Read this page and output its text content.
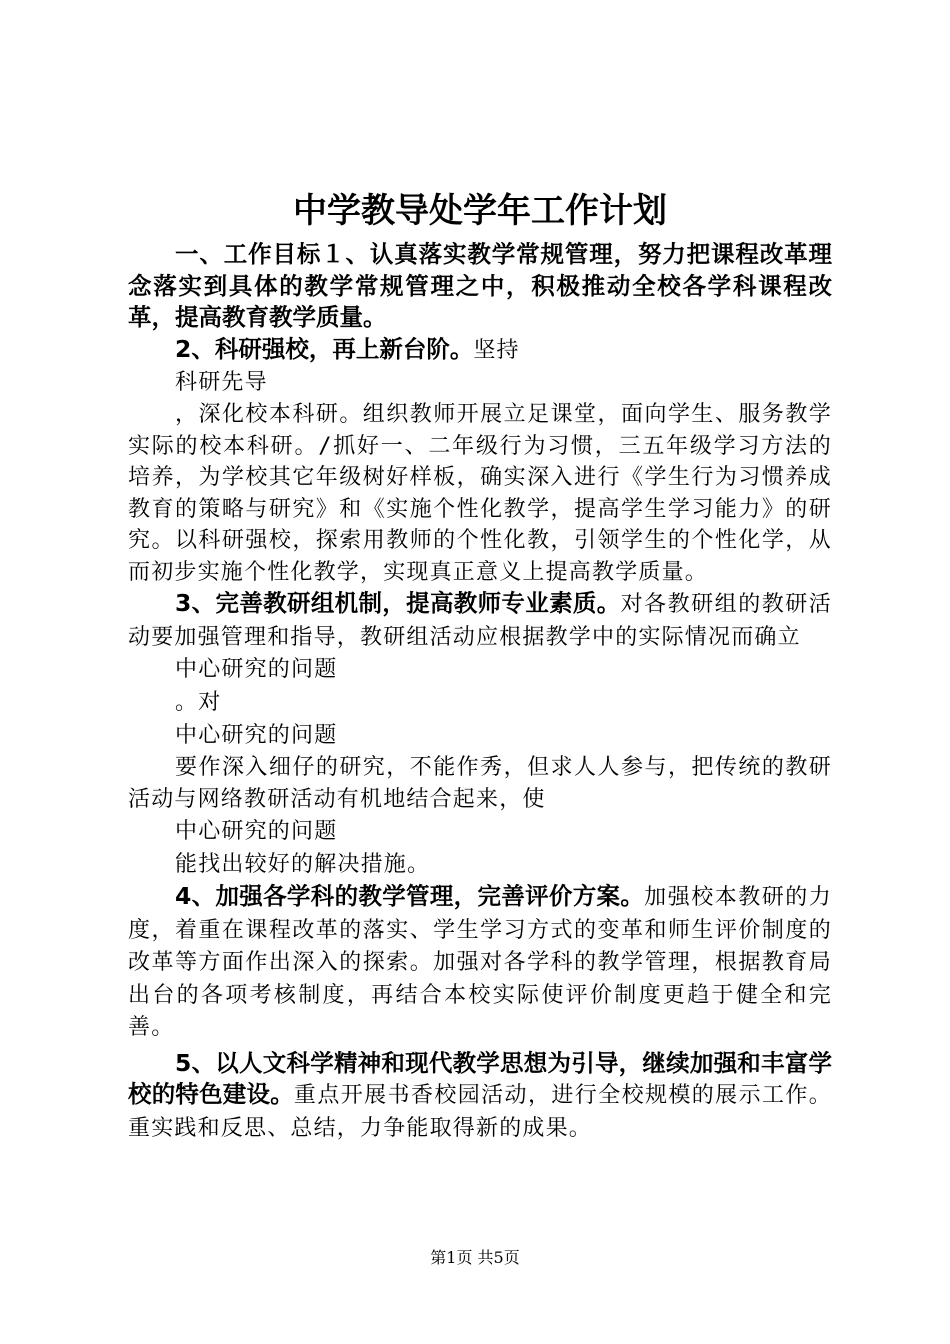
中学教导处学年工作计划

一、工作目标１、认真落实教学常规管理，努力把课程改革理念落实到具体的教学常规管理之中，积极推动全校各学科课程改革，提高教育教学质量。

2、科研强校，再上新台阶。坚持

科研先导

，深化校本科研。组织教师开展立足课堂，面向学生、服务教学实际的校本科研。/抓好一、二年级行为习惯，三五年级学习方法的培养，为学校其它年级树好样板，确实深入进行《学生行为习惯养成教育的策略与研究》和《实施个性化教学，提高学生学习能力》的研究。以科研强校，探索用教师的个性化教，引领学生的个性化学，从而初步实施个性化教学，实现真正意义上提高教学质量。

3、完善教研组机制，提高教师专业素质。对各教研组的教研活动要加强管理和指导，教研组活动应根据教学中的实际情况而确立

中心研究的问题

。对

中心研究的问题

要作深入细仔的研究，不能作秀，但求人人参与，把传统的教研活动与网络教研活动有机地结合起来，使

中心研究的问题

能找出较好的解决措施。

4、加强各学科的教学管理，完善评价方案。加强校本教研的力度，着重在课程改革的落实、学生学习方式的变革和师生评价制度的改革等方面作出深入的探索。加强对各学科的教学管理，根据教育局出台的各项考核制度，再结合本校实际使评价制度更趋于健全和完善。

5、以人文科学精神和现代教学思想为引导，继续加强和丰富学校的特色建设。重点开展书香校园活动，进行全校规模的展示工作。重实践和反思、总结，力争能取得新的成果。

第1页 共5页
